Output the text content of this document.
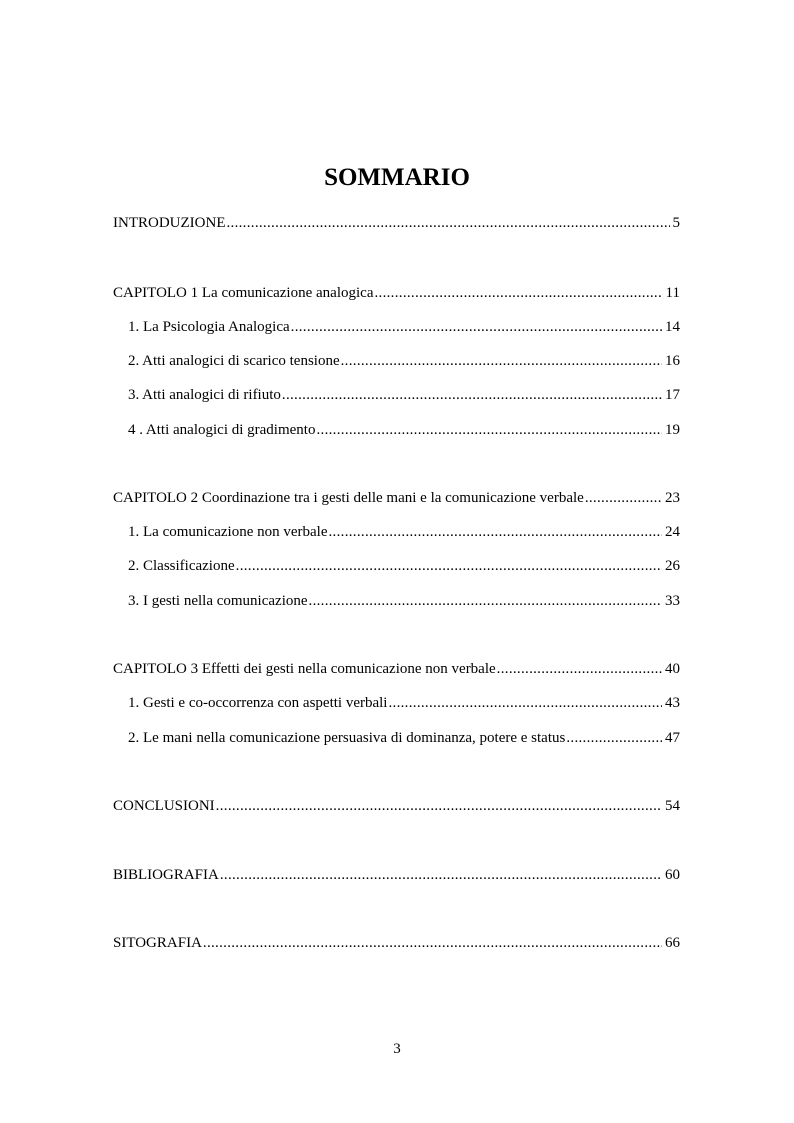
SOMMARIO
INTRODUZIONE .....	5
CAPITOLO 1 La comunicazione analogica .....	11
1. La Psicologia Analogica .....	14
2. Atti analogici di scarico tensione .....	16
3. Atti analogici di rifiuto .....	17
4 . Atti analogici di gradimento .....	19
CAPITOLO 2 Coordinazione tra i gesti delle mani e la comunicazione verbale .....	23
1. La comunicazione non verbale .....	24
2. Classificazione .....	26
3. I gesti nella comunicazione .....	33
CAPITOLO 3 Effetti dei gesti nella comunicazione non verbale .....	40
1. Gesti e co-occorrenza con aspetti verbali .....	43
2. Le mani nella comunicazione persuasiva di dominanza, potere e status .....	47
CONCLUSIONI .....	54
BIBLIOGRAFIA .....	60
SITOGRAFIA .....	66
3
